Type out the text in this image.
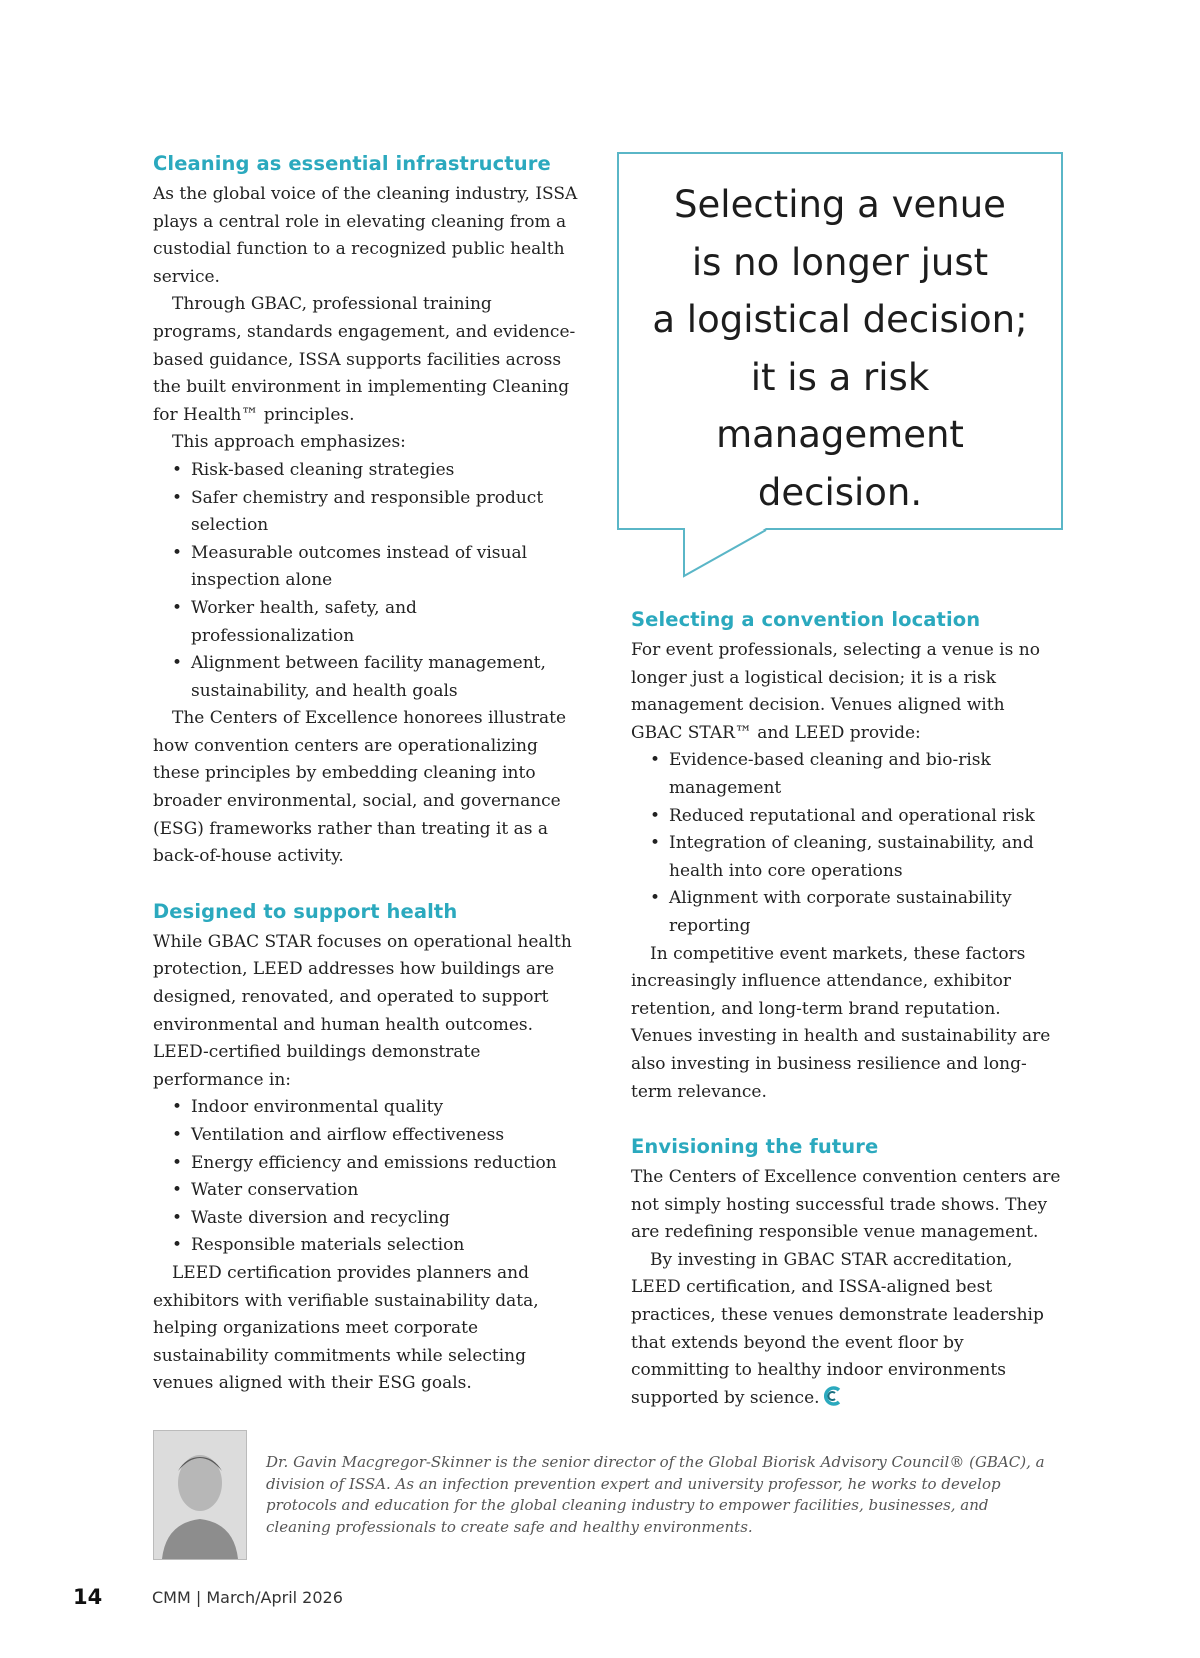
Cleaning as essential infrastructure

As the global voice of the cleaning industry, ISSA plays a central role in elevating cleaning from a custodial function to a recognized public health service.

Through GBAC, professional training programs, standards engagement, and evidence-based guidance, ISSA supports facilities across the built environment in implementing Cleaning for Health™ principles.

This approach emphasizes:

• Risk-based cleaning strategies
• Safer chemistry and responsible product selection
• Measurable outcomes instead of visual inspection alone
• Worker health, safety, and professionalization
• Alignment between facility management, sustainability, and health goals

The Centers of Excellence honorees illustrate how convention centers are operationalizing these principles by embedding cleaning into broader environmental, social, and governance (ESG) frameworks rather than treating it as a back-of-house activity.

Designed to support health

While GBAC STAR focuses on operational health protection, LEED addresses how buildings are designed, renovated, and operated to support environmental and human health outcomes. LEED-certified buildings demonstrate performance in:

• Indoor environmental quality
• Ventilation and airflow effectiveness
• Energy efficiency and emissions reduction
• Water conservation
• Waste diversion and recycling
• Responsible materials selection

LEED certification provides planners and exhibitors with verifiable sustainability data, helping organizations meet corporate sustainability commitments while selecting venues aligned with their ESG goals.

Selecting a venue
is no longer just
a logistical decision;
it is a risk
management
decision.
Selecting a convention location

For event professionals, selecting a venue is no longer just a logistical decision; it is a risk management decision. Venues aligned with GBAC STAR™ and LEED provide:

• Evidence-based cleaning and bio-risk management
• Reduced reputational and operational risk
• Integration of cleaning, sustainability, and health into core operations
• Alignment with corporate sustainability reporting

In competitive event markets, these factors increasingly influence attendance, exhibitor retention, and long-term brand reputation. Venues investing in health and sustainability are also investing in business resilience and long-term relevance.

Envisioning the future

The Centers of Excellence convention centers are not simply hosting successful trade shows. They are redefining responsible venue management.

By investing in GBAC STAR accreditation, LEED certification, and ISSA-aligned best practices, these venues demonstrate leadership that extends beyond the event floor by committing to healthy indoor environments supported by science.

Dr. Gavin Macgregor-Skinner is the senior director of the Global Biorisk Advisory Council® (GBAC), a division of ISSA. As an infection prevention expert and university professor, he works to develop protocols and education for the global cleaning industry to empower facilities, businesses, and cleaning professionals to create safe and healthy environments.

14	CMM | March/April 2026
